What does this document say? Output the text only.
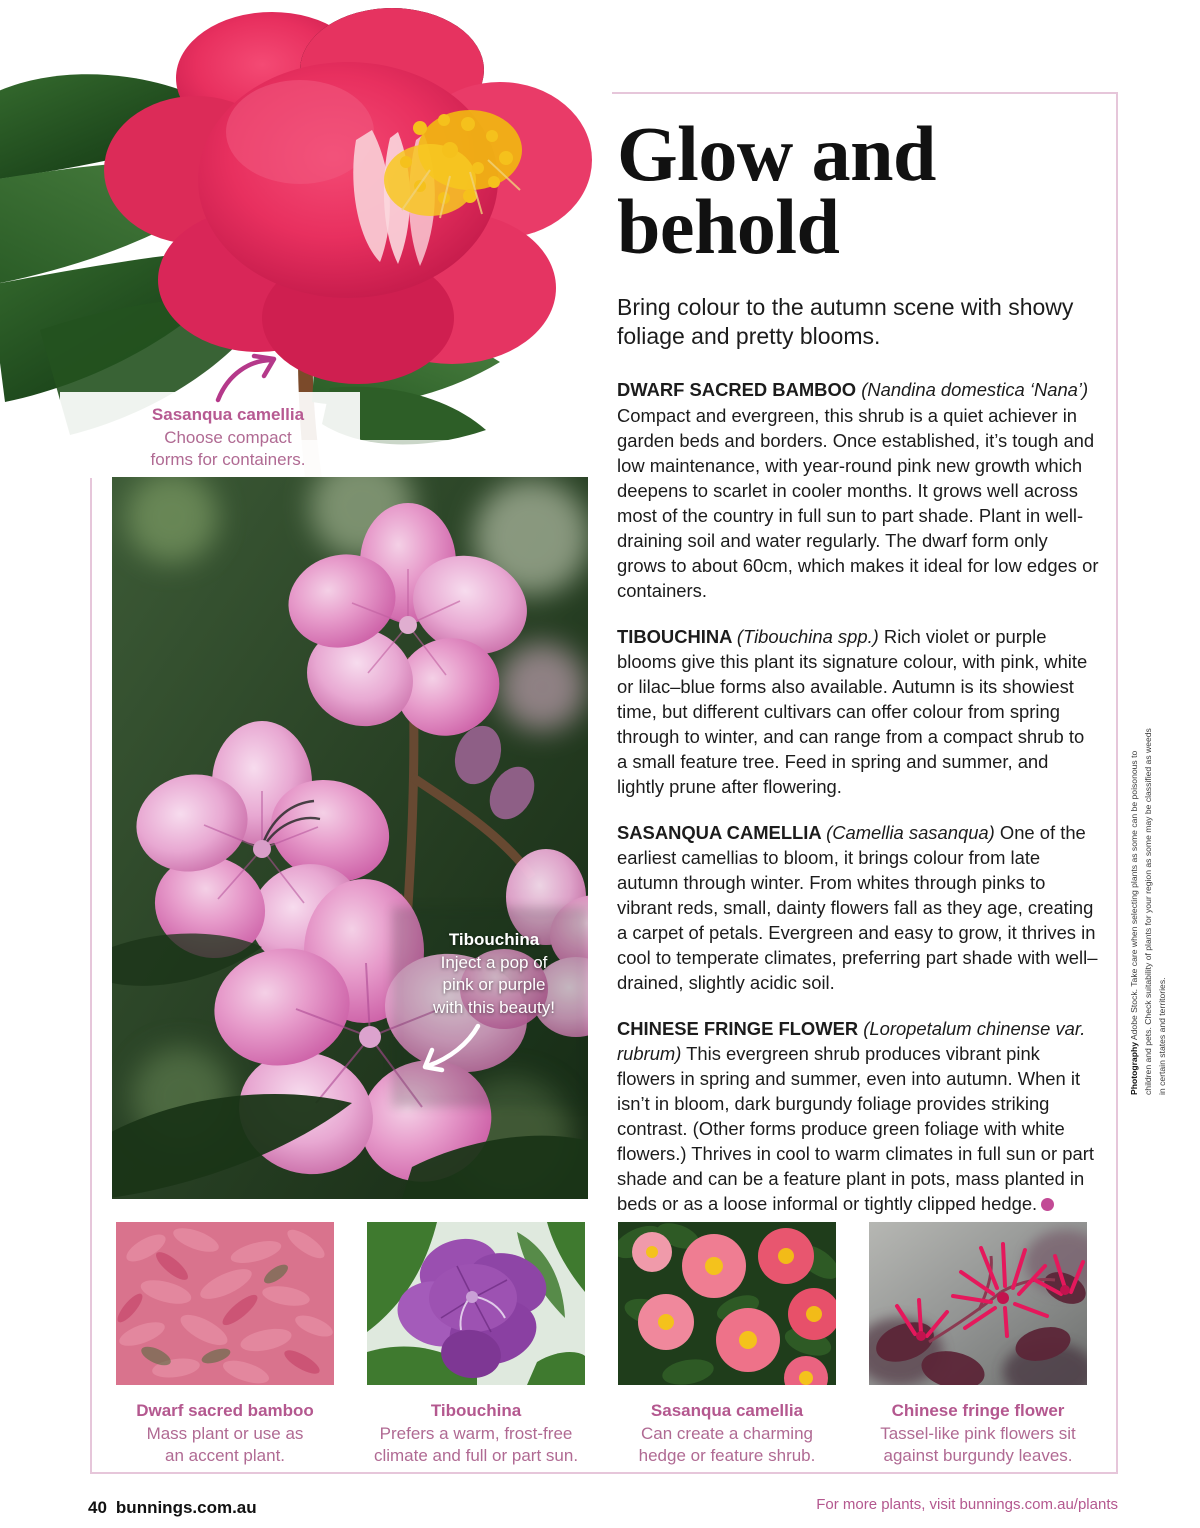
Sasanqua camellia
Choose compact
forms for containers.
Tibouchina
Inject a pop of
pink or purple
with this beauty!
Glow and
behold

Bring colour to the autumn scene with showy foliage and pretty blooms.

DWARF SACRED BAMBOO (Nandina domestica ‘Nana’) Compact and evergreen, this shrub is a quiet achiever in garden beds and borders. Once established, it’s tough and low maintenance, with year-round pink new growth which deepens to scarlet in cooler months. It grows well across most of the country in full sun to part shade. Plant in well-draining soil and water regularly. The dwarf form only grows to about 60cm, which makes it ideal for low edges or containers.

TIBOUCHINA (Tibouchina spp.) Rich violet or purple blooms give this plant its signature colour, with pink, white or lilac–blue forms also available. Autumn is its showiest time, but different cultivars can offer colour from spring through to winter, and can range from a compact shrub to a small feature tree. Feed in spring and summer, and lightly prune after flowering.

SASANQUA CAMELLIA (Camellia sasanqua) One of the earliest camellias to bloom, it brings colour from late autumn through winter. From whites through pinks to vibrant reds, small, dainty flowers fall as they age, creating a carpet of petals. Evergreen and easy to grow, it thrives in cool to temperate climates, preferring part shade with well–drained, slightly acidic soil.

CHINESE FRINGE FLOWER (Loropetalum chinense var. rubrum) This evergreen shrub produces vibrant pink flowers in spring and summer, even into autumn. When it isn’t in bloom, dark burgundy foliage provides striking contrast. (Other forms produce green foliage with white flowers.) Thrives in cool to warm climates in full sun or part shade and can be a feature plant in pots, mass planted in beds or as a loose informal or tightly clipped hedge.

Dwarf sacred bamboo
Mass plant or use as
an accent plant.
Tibouchina
Prefers a warm, frost-free
climate and full or part sun.
Sasanqua camellia
Can create a charming
hedge or feature shrub.
Chinese fringe flower
Tassel-like pink flowers sit
against burgundy leaves.
Photography Adobe Stock. Take care when selecting plants as some can be poisonous to children and pets. Check suitability of plants for your region as some may be classified as weeds in certain states and territories.
40 bunnings.com.au	For more plants, visit bunnings.com.au/plants
